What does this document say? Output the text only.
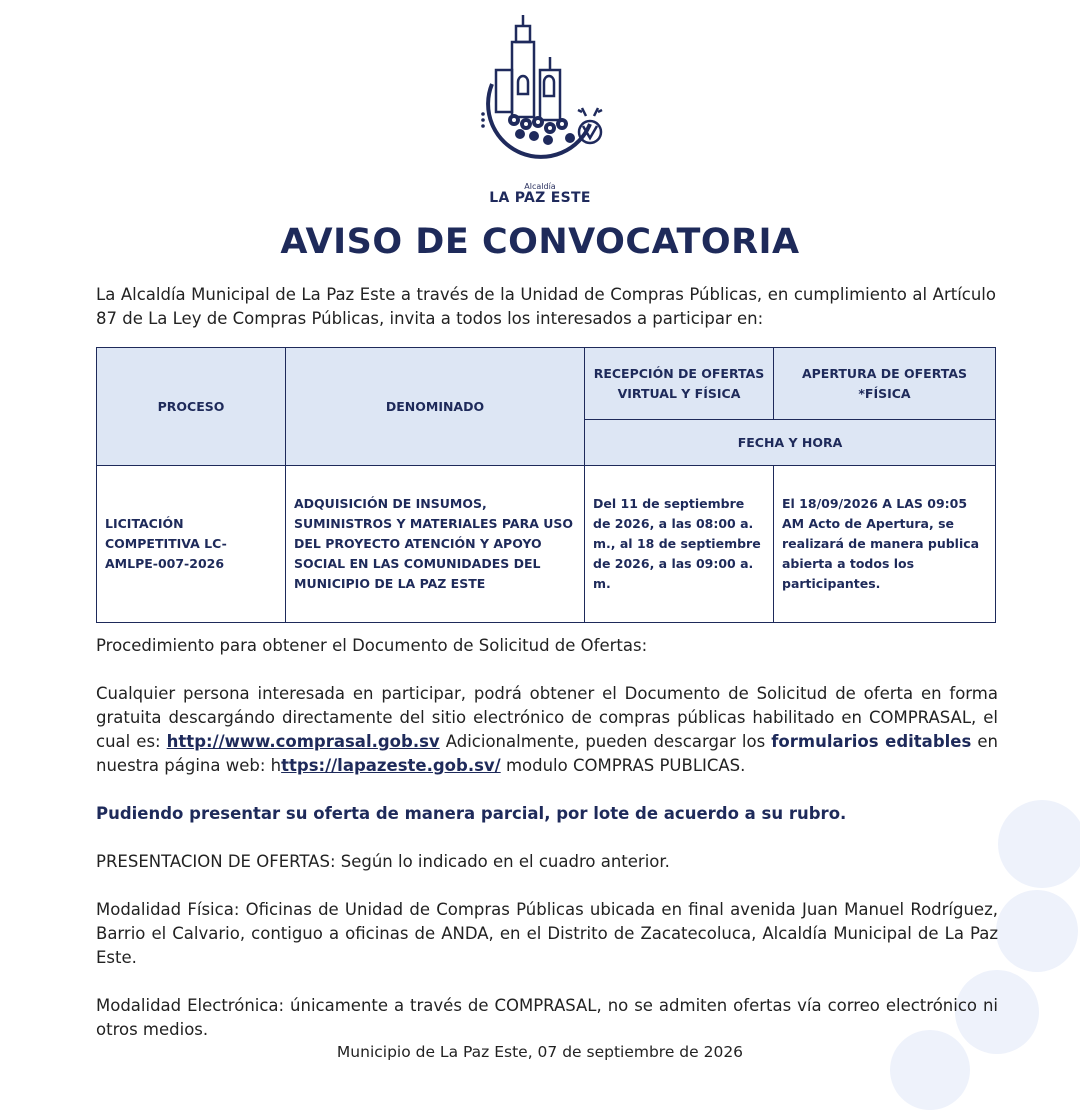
Alcaldía
LA PAZ ESTE
AVISO DE CONVOCATORIA
La Alcaldía Municipal de La Paz Este a través de la Unidad de Compras Públicas, en cumplimiento al Artículo 87 de La Ley de Compras Públicas, invita a todos los interesados a participar en:
PROCESO	DENOMINADO	RECEPCIÓN DE OFERTAS VIRTUAL Y FÍSICA	APERTURA DE OFERTAS *FÍSICA
		FECHA Y HORA	
LICITACIÓN COMPETITIVA LC-AMLPE-007-2026	ADQUISICIÓN DE INSUMOS, SUMINISTROS Y MATERIALES PARA USO DEL PROYECTO ATENCIÓN Y APOYO SOCIAL EN LAS COMUNIDADES DEL MUNICIPIO DE LA PAZ ESTE	Del 11 de septiembre de 2026, a las 08:00 a. m., al 18 de septiembre de 2026, a las 09:00 a. m.	El 18/09/2026 A LAS 09:05 AM Acto de Apertura, se realizará de manera publica abierta a todos los participantes.
Procedimiento para obtener el Documento de Solicitud de Ofertas:
Cualquier persona interesada en participar, podrá obtener el Documento de Solicitud de oferta en forma gratuita descargándo directamente del sitio electrónico de compras públicas habilitado en COMPRASAL, el cual es: http://www.comprasal.gob.sv Adicionalmente, pueden descargar los formularios editables en nuestra página web: https://lapazeste.gob.sv/ modulo COMPRAS PUBLICAS.
Pudiendo presentar su oferta de manera parcial, por lote de acuerdo a su rubro.
PRESENTACION DE OFERTAS: Según lo indicado en el cuadro anterior.
Modalidad Física: Oficinas de Unidad de Compras Públicas ubicada en final avenida Juan Manuel Rodríguez, Barrio el Calvario, contiguo a oficinas de ANDA, en el Distrito de Zacatecoluca, Alcaldía Municipal de La Paz Este.
Modalidad Electrónica: únicamente a través de COMPRASAL, no se admiten ofertas vía correo electrónico ni otros medios.
Municipio de La Paz Este, 07 de septiembre de 2026
